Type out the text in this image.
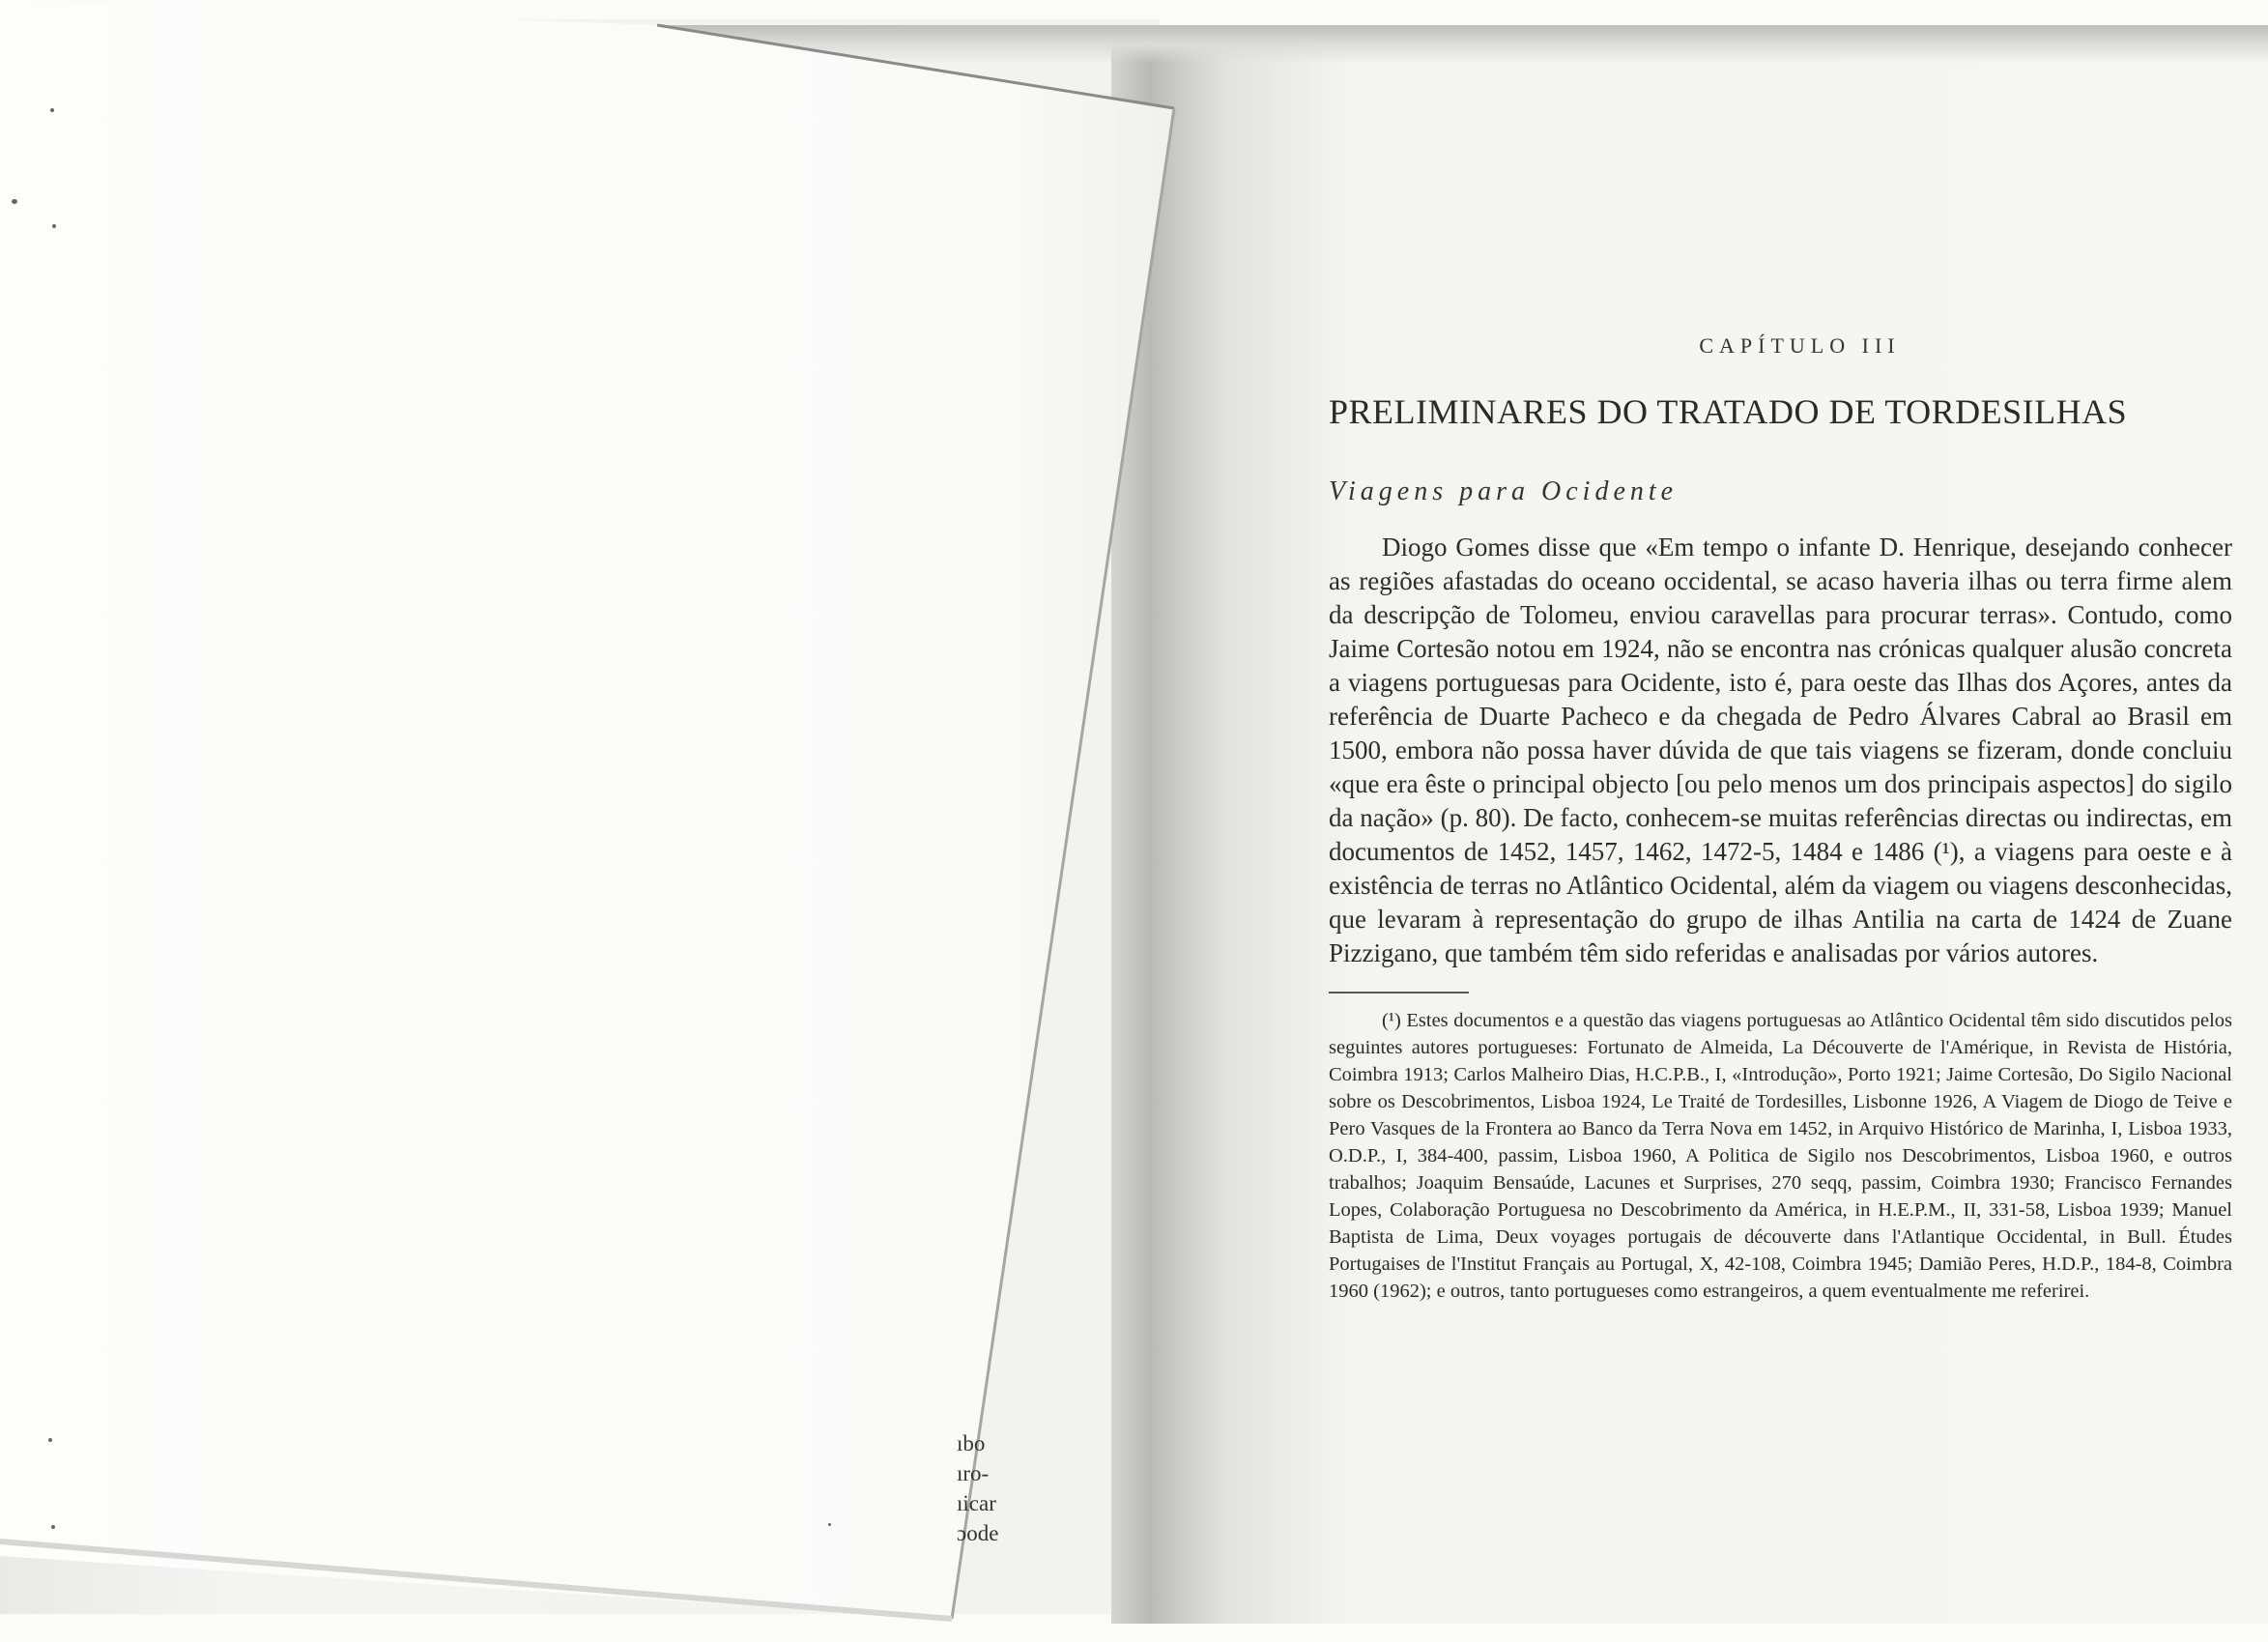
ıbo
ıro-
ıicar
ɔode
CAPÍTULO III
PRELIMINARES DO TRATADO DE TORDESILHAS
Viagens para Ocidente
Diogo Gomes disse que «Em tempo o infante D. Henrique, desejando conhecer as regiões afastadas do oceano occidental, se acaso haveria ilhas ou terra firme alem da descripção de Tolomeu, enviou caravellas para procurar terras». Contudo, como Jaime Cortesão notou em 1924, não se encontra nas crónicas qualquer alusão concreta a viagens portuguesas para Ocidente, isto é, para oeste das Ilhas dos Açores, antes da referência de Duarte Pacheco e da chegada de Pedro Álvares Cabral ao Brasil em 1500, embora não possa haver dúvida de que tais viagens se fizeram, donde concluiu «que era êste o principal objecto [ou pelo menos um dos principais aspectos] do sigilo da nação» (p. 80). De facto, conhecem-se muitas referências directas ou indirectas, em documentos de 1452, 1457, 1462, 1472-5, 1484 e 1486 (¹), a viagens para oeste e à existência de terras no Atlântico Ocidental, além da viagem ou viagens desconhecidas, que levaram à representação do grupo de ilhas Antilia na carta de 1424 de Zuane Pizzigano, que também têm sido referidas e analisadas por vários autores.
(¹) Estes documentos e a questão das viagens portuguesas ao Atlântico Ocidental têm sido discutidos pelos seguintes autores portugueses: Fortunato de Almeida, La Découverte de l'Amérique, in Revista de História, Coimbra 1913; Carlos Malheiro Dias, H.C.P.B., I, «Introdução», Porto 1921; Jaime Cortesão, Do Sigilo Nacional sobre os Descobrimentos, Lisboa 1924, Le Traité de Tordesilles, Lisbonne 1926, A Viagem de Diogo de Teive e Pero Vasques de la Frontera ao Banco da Terra Nova em 1452, in Arquivo Histórico de Marinha, I, Lisboa 1933, O.D.P., I, 384-400, passim, Lisboa 1960, A Politica de Sigilo nos Descobrimentos, Lisboa 1960, e outros trabalhos; Joaquim Bensaúde, Lacunes et Surprises, 270 seqq, passim, Coimbra 1930; Francisco Fernandes Lopes, Colaboração Portuguesa no Descobrimento da América, in H.E.P.M., II, 331-58, Lisboa 1939; Manuel Baptista de Lima, Deux voyages portugais de découverte dans l'Atlantique Occidental, in Bull. Études Portugaises de l'Institut Français au Portugal, X, 42-108, Coimbra 1945; Damião Peres, H.D.P., 184-8, Coimbra 1960 (1962); e outros, tanto portugueses como estrangeiros, a quem eventualmente me referirei.
